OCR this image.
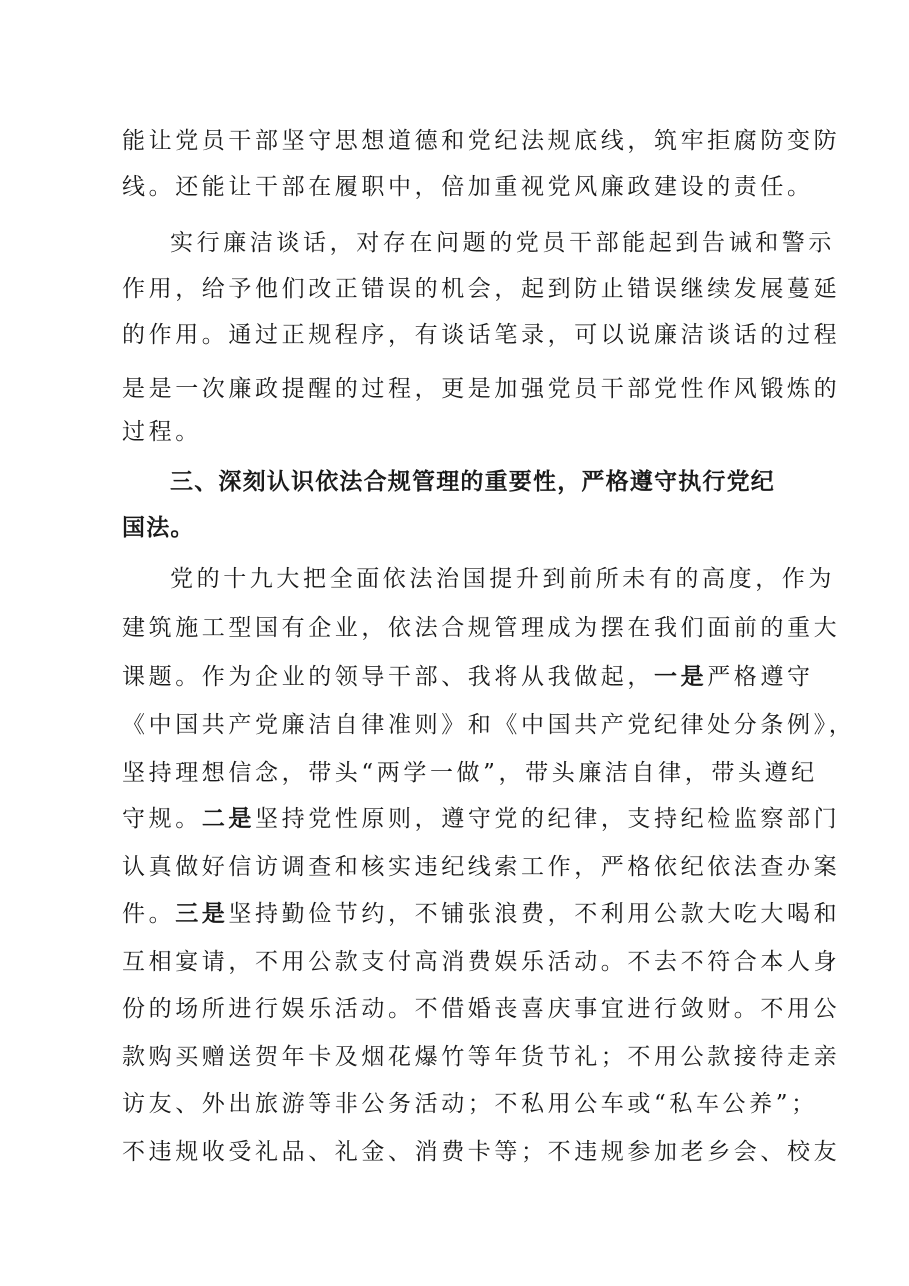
能让党员干部坚守思想道德和党纪法规底线，筑牢拒腐防变防
线。还能让干部在履职中，倍加重视党风廉政建设的责任。
实行廉洁谈话，对存在问题的党员干部能起到告诫和警示
作用，给予他们改正错误的机会，起到防止错误继续发展蔓延
的作用。通过正规程序，有谈话笔录，可以说廉洁谈话的过程
是是一次廉政提醒的过程，更是加强党员干部党性作风锻炼的
过程。
三、深刻认识依法合规管理的重要性，严格遵守执行党纪
国法。
党的十九大把全面依法治国提升到前所未有的高度，作为
建筑施工型国有企业，依法合规管理成为摆在我们面前的重大
课题。作为企业的领导干部、我将从我做起，一是严格遵守
《中国共产党廉洁自律准则》和《中国共产党纪律处分条例》，
坚持理想信念，带头“两学一做”，带头廉洁自律，带头遵纪
守规。二是坚持党性原则，遵守党的纪律，支持纪检监察部门
认真做好信访调查和核实违纪线索工作，严格依纪依法查办案
件。三是坚持勤俭节约，不铺张浪费，不利用公款大吃大喝和
互相宴请，不用公款支付高消费娱乐活动。不去不符合本人身
份的场所进行娱乐活动。不借婚丧喜庆事宜进行敛财。不用公
款购买赠送贺年卡及烟花爆竹等年货节礼；不用公款接待走亲
访友、外出旅游等非公务活动；不私用公车或“私车公养”；
不违规收受礼品、礼金、消费卡等；不违规参加老乡会、校友
